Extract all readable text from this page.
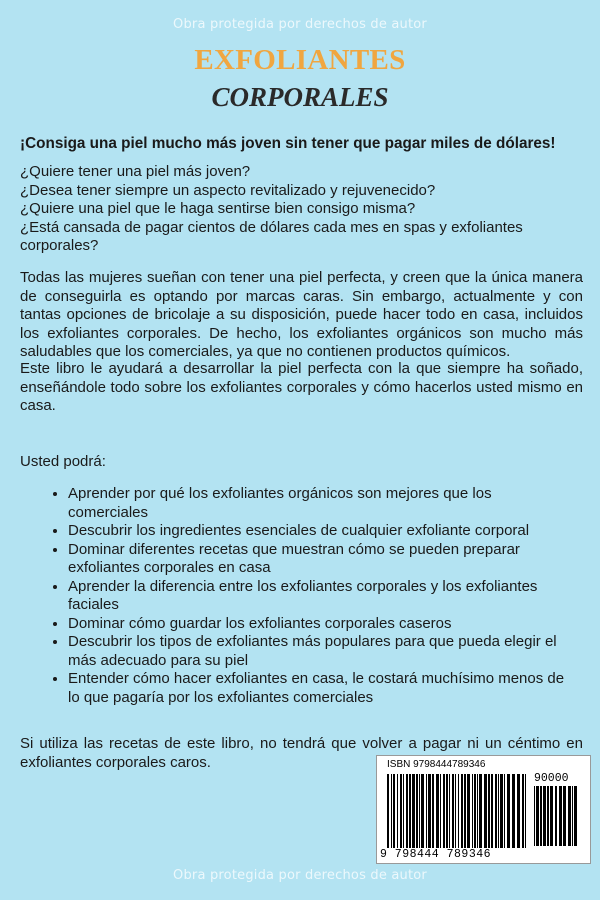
Obra protegida por derechos de autor
EXFOLIANTES
CORPORALES
¡Consiga una piel mucho más joven sin tener que pagar miles de dólares!
¿Quiere tener una piel más joven?
¿Desea tener siempre un aspecto revitalizado y rejuvenecido?
¿Quiere una piel que le haga sentirse bien consigo misma?
¿Está cansada de pagar cientos de dólares cada mes en spas y exfoliantes corporales?
Todas las mujeres sueñan con tener una piel perfecta, y creen que la única manera de conseguirla es optando por marcas caras. Sin embargo, actualmente y con tantas opciones de bricolaje a su disposición, puede hacer todo en casa, incluidos los exfoliantes corporales. De hecho, los exfoliantes orgánicos son mucho más saludables que los comerciales, ya que no contienen productos químicos.
Este libro le ayudará a desarrollar la piel perfecta con la que siempre ha soñado, enseñándole todo sobre los exfoliantes corporales y cómo hacerlos usted mismo en casa.
Usted podrá:
• Aprender por qué los exfoliantes orgánicos son mejores que los comerciales
• Descubrir los ingredientes esenciales de cualquier exfoliante corporal
• Dominar diferentes recetas que muestran cómo se pueden preparar exfoliantes corporales en casa
• Aprender la diferencia entre los exfoliantes corporales y los exfoliantes faciales
• Dominar cómo guardar los exfoliantes corporales caseros
• Descubrir los tipos de exfoliantes más populares para que pueda elegir el más adecuado para su piel
• Entender cómo hacer exfoliantes en casa, le costará muchísimo menos de lo que pagaría por los exfoliantes comerciales
Si utiliza las recetas de este libro, no tendrá que volver a pagar ni un céntimo en exfoliantes corporales caros.	ISBN 9798444789346
90000
9 798444 789346
Obra protegida por derechos de autor
